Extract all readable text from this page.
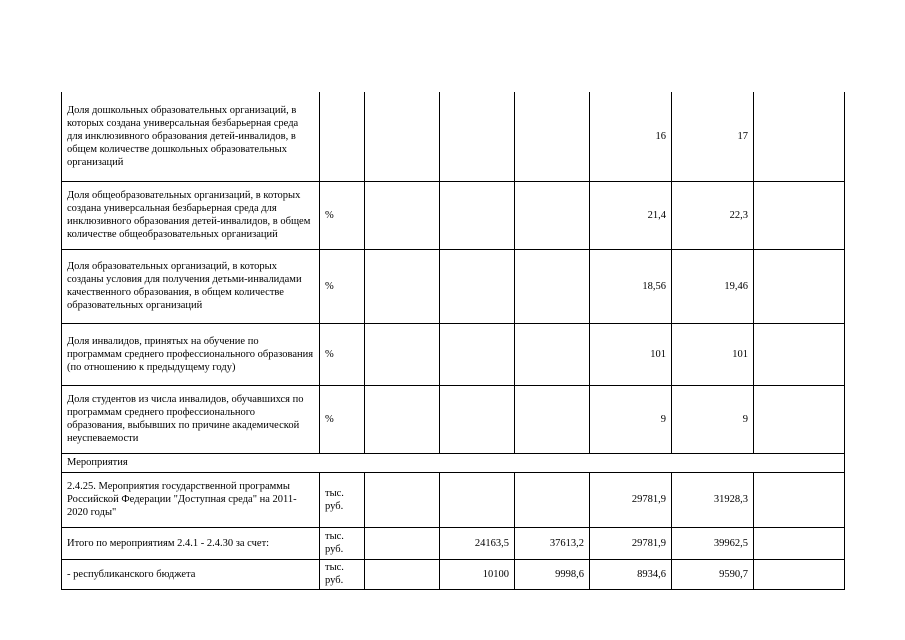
Доля дошкольных образовательных организаций, в которых создана универсальная безбарьерная среда для инклюзивного образования детей-инвалидов, в общем количестве дошкольных образовательных организаций					16	17	
Доля общеобразовательных организаций, в которых создана универсальная безбарьерная среда для инклюзивного образования детей-инвалидов, в общем количестве общеобразовательных организаций	%				21,4	22,3	
Доля образовательных организаций, в которых созданы условия для получения детьми-инвалидами качественного образования, в общем количестве образовательных организаций	%				18,56	19,46	
Доля инвалидов, принятых на обучение по программам среднего профессионального образования (по отношению к предыдущему году)	%				101	101	
Доля студентов из числа инвалидов, обучавшихся по программам среднего профессионального образования, выбывших по причине академической неуспеваемости	%				9	9	
Мероприятия							
2.4.25. Мероприятия государственной программы Российской Федерации "Доступная среда" на 2011-2020 годы"	тыс. руб.				29781,9	31928,3	
Итого по мероприятиям 2.4.1 - 2.4.30 за счет:	тыс. руб.		24163,5	37613,2	29781,9	39962,5	
- республиканского бюджета	тыс. руб.		10100	9998,6	8934,6	9590,7	
